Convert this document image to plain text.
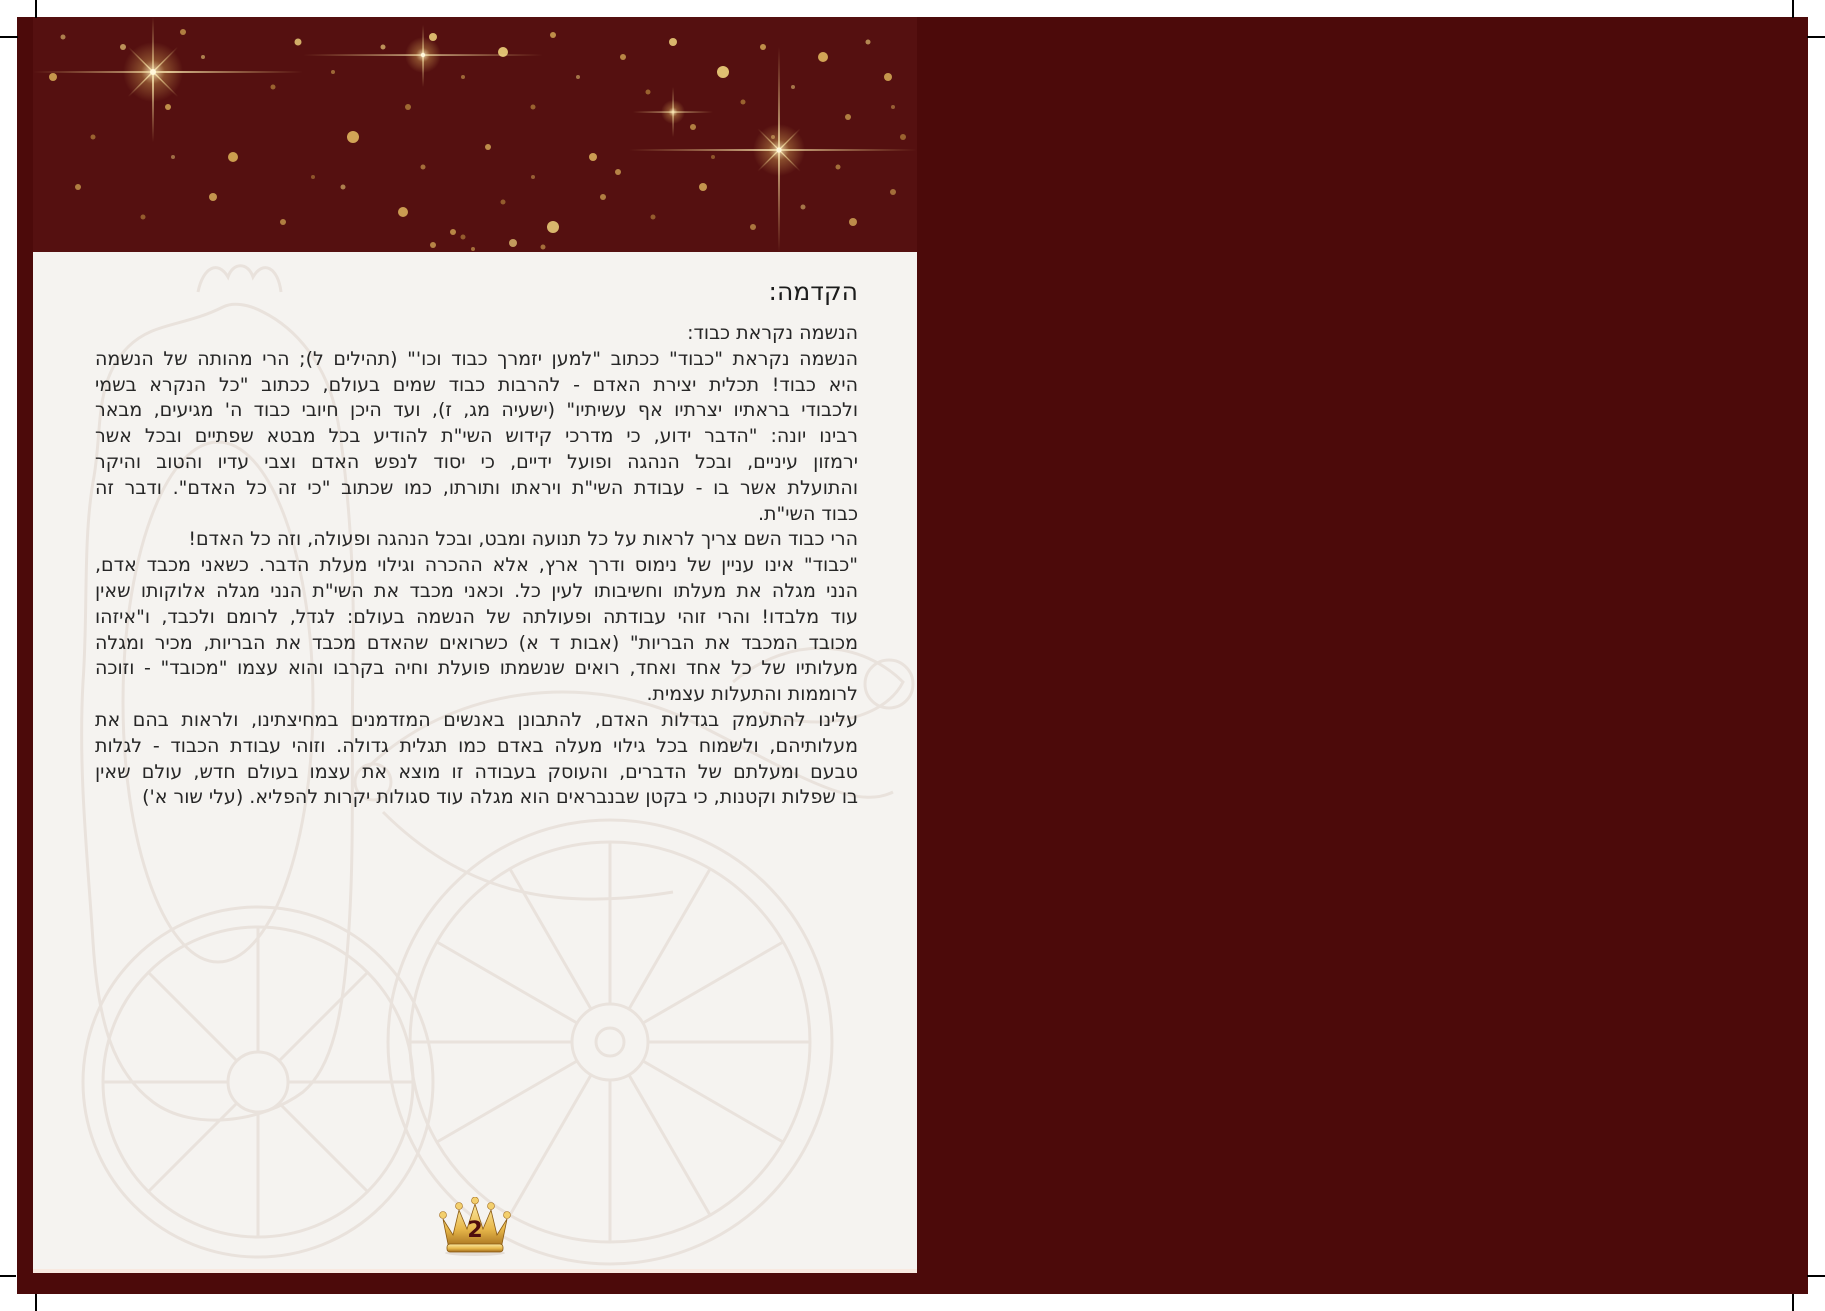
הקדמה:
הנשמה נקראת כבוד:
הנשמה נקראת "כבוד" ככתוב "למען יזמרך כבוד וכו'" (תהילים ל); הרי מהותה של הנשמה
היא כבוד! תכלית יצירת האדם - להרבות כבוד שמים בעולם, ככתוב "כל הנקרא בשמי
ולכבודי בראתיו יצרתיו אף עשיתיו" (ישעיה מג, ז), ועד היכן חיובי כבוד ה' מגיעים, מבאר
רבינו יונה: "הדבר ידוע, כי מדרכי קידוש השי"ת להודיע בכל מבטא שפתיים ובכל אשר
ירמזון עיניים, ובכל הנהגה ופועל ידיים, כי יסוד לנפש האדם וצבי עדיו והטוב והיקר
והתועלת אשר בו - עבודת השי"ת ויראתו ותורתו, כמו שכתוב "כי זה כל האדם". ודבר זה
כבוד השי"ת.
הרי כבוד השם צריך לראות על כל תנועה ומבט, ובכל הנהגה ופעולה, וזה כל האדם!
"כבוד" אינו עניין של נימוס ודרך ארץ, אלא ההכרה וגילוי מעלת הדבר. כשאני מכבד אדם,
הנני מגלה את מעלתו וחשיבותו לעין כל. וכאני מכבד את השי"ת הנני מגלה אלוקותו שאין
עוד מלבדו! והרי זוהי עבודתה ופעולתה של הנשמה בעולם: לגדל, לרומם ולכבד, ו"איזהו
מכובד המכבד את הבריות" (אבות ד א) כשרואים שהאדם מכבד את הבריות, מכיר ומגלה
מעלותיו של כל אחד ואחד, רואים שנשמתו פועלת וחיה בקרבו והוא עצמו "מכובד" - וזוכה
לרוממות והתעלות עצמית.
עלינו להתעמק בגדלות האדם, להתבונן באנשים המזדמנים במחיצתינו, ולראות בהם את
מעלותיהם, ולשמוח בכל גילוי מעלה באדם כמו תגלית גדולה. וזוהי עבודת הכבוד - לגלות
טבעם ומעלתם של הדברים, והעוסק בעבודה זו מוצא את עצמו בעולם חדש, עולם שאין
בו שפלות וקטנות, כי בקטן שבנבראים הוא מגלה עוד סגולות יקרות להפליא. (עלי שור א')
2
